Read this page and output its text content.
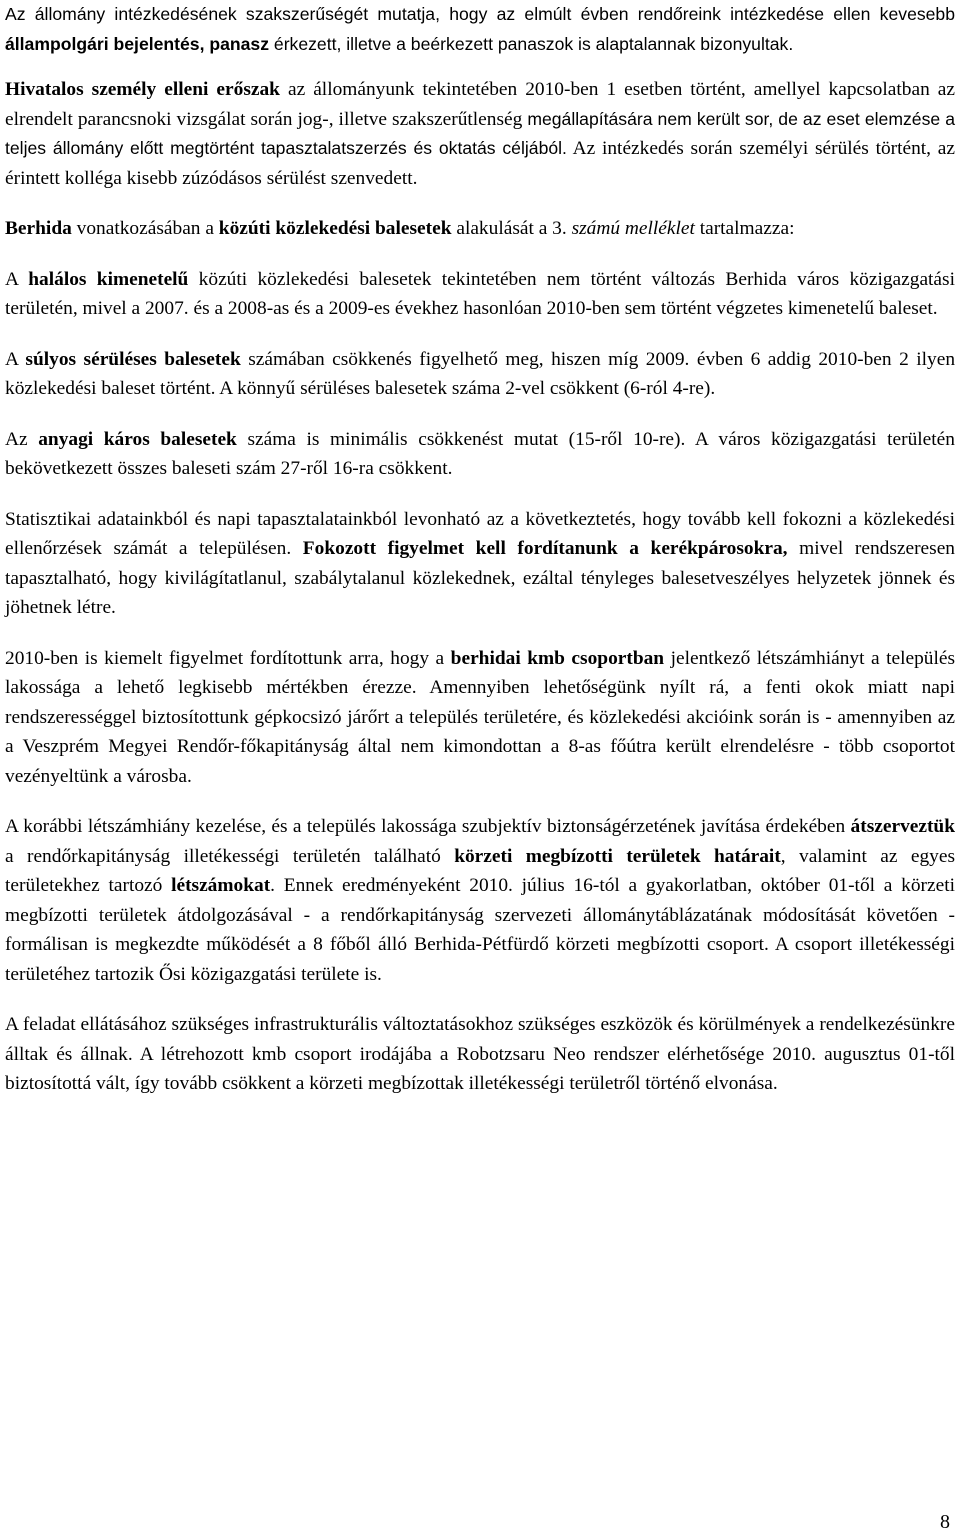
Az állomány intézkedésének szakszerűségét mutatja, hogy az elmúlt évben rendőreink intézkedése ellen kevesebb állampolgári bejelentés, panasz érkezett, illetve a beérkezett panaszok is alaptalannak bizonyultak.

Hivatalos személy elleni erőszak az állományunk tekintetében 2010-ben 1 esetben történt, amellyel kapcsolatban az elrendelt parancsnoki vizsgálat során jog-, illetve szakszerűtlenség megállapítására nem került sor, de az eset elemzése a teljes állomány előtt megtörtént tapasztalatszerzés és oktatás céljából. Az intézkedés során személyi sérülés történt, az érintett kolléga kisebb zúzódásos sérülést szenvedett.

Berhida vonatkozásában a közúti közlekedési balesetek alakulását a 3. számú melléklet tartalmazza:

A halálos kimenetelű közúti közlekedési balesetek tekintetében nem történt változás Berhida város közigazgatási területén, mivel a 2007. és a 2008-as és a 2009-es évekhez hasonlóan 2010-ben sem történt végzetes kimenetelű baleset.

A súlyos sérüléses balesetek számában csökkenés figyelhető meg, hiszen míg 2009. évben 6 addig 2010-ben 2 ilyen közlekedési baleset történt. A könnyű sérüléses balesetek száma 2-vel csökkent (6-ról 4-re).

Az anyagi káros balesetek száma is minimális csökkenést mutat (15-ről 10-re). A város közigazgatási területén bekövetkezett összes baleseti szám 27-ről 16-ra csökkent.

Statisztikai adatainkból és napi tapasztalatainkból levonható az a következtetés, hogy tovább kell fokozni a közlekedési ellenőrzések számát a településen. Fokozott figyelmet kell fordítanunk a kerékpárosokra, mivel rendszeresen tapasztalható, hogy kivilágítatlanul, szabálytalanul közlekednek, ezáltal tényleges balesetveszélyes helyzetek jönnek és jöhetnek létre.

2010-ben is kiemelt figyelmet fordítottunk arra, hogy a berhidai kmb csoportban jelentkező létszámhiányt a település lakossága a lehető legkisebb mértékben érezze. Amennyiben lehetőségünk nyílt rá, a fenti okok miatt napi rendszerességgel biztosítottunk gépkocsizó járőrt a település területére, és közlekedési akcióink során is - amennyiben az a Veszprém Megyei Rendőr-főkapitányság által nem kimondottan a 8-as főútra került elrendelésre - több csoportot vezényeltünk a városba.

A korábbi létszámhiány kezelése, és a település lakossága szubjektív biztonságérzetének javítása érdekében átszerveztük a rendőrkapitányság illetékességi területén található körzeti megbízotti területek határait, valamint az egyes területekhez tartozó létszámokat. Ennek eredményeként 2010. július 16-tól a gyakorlatban, október 01-től a körzeti megbízotti területek átdolgozásával - a rendőrkapitányság szervezeti állománytáblázatának módosítását követően - formálisan is megkezdte működését a 8 főből álló Berhida-Pétfürdő körzeti megbízotti csoport. A csoport illetékességi területéhez tartozik Ősi közigazgatási területe is.

A feladat ellátásához szükséges infrastrukturális változtatásokhoz szükséges eszközök és körülmények a rendelkezésünkre álltak és állnak. A létrehozott kmb csoport irodájába a Robotzsaru Neo rendszer elérhetősége 2010. augusztus 01-től biztosítottá vált, így tovább csökkent a körzeti megbízottak illetékességi területről történő elvonása.

8
